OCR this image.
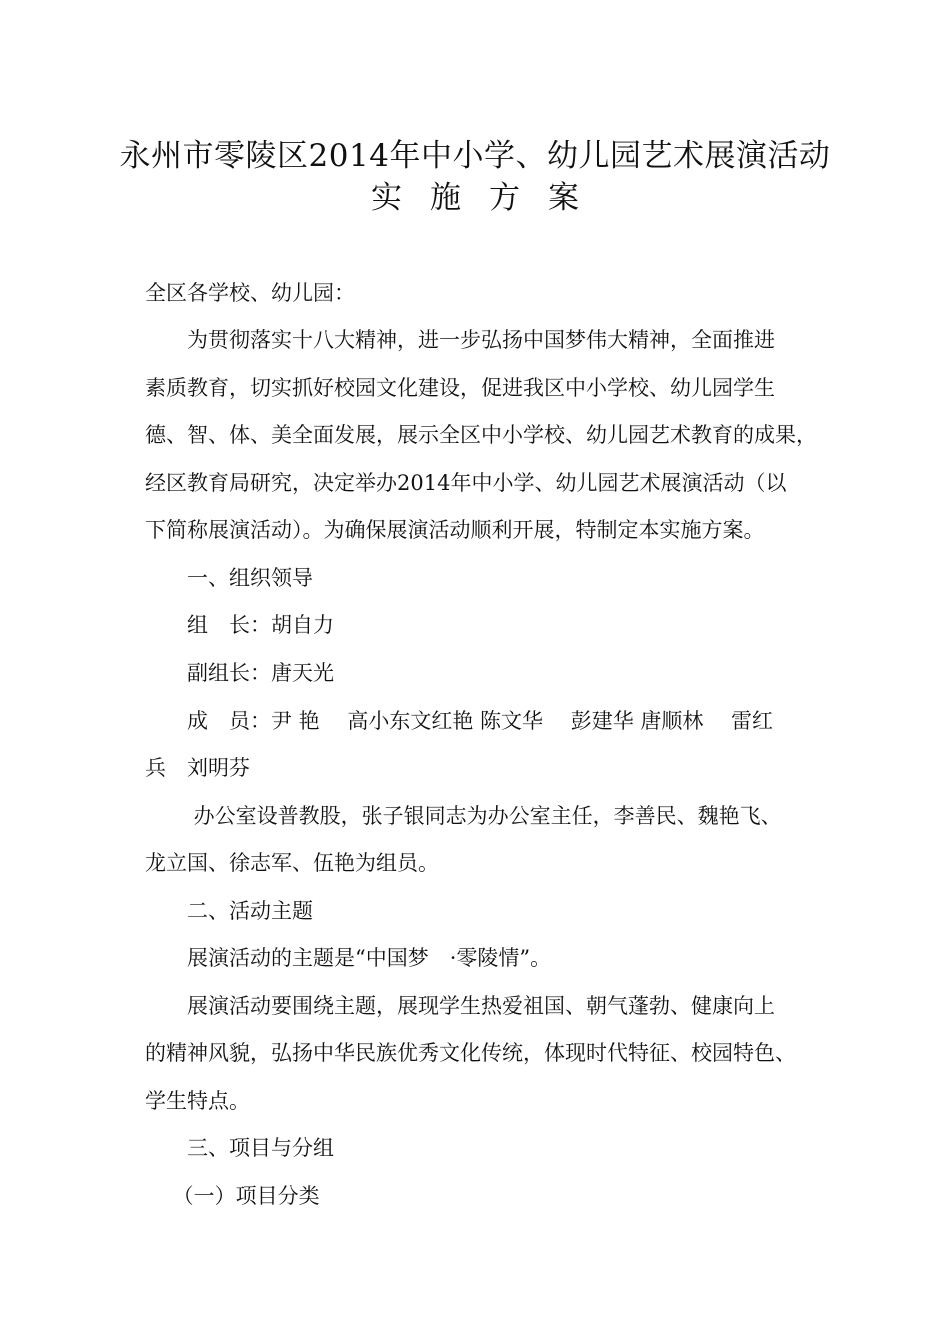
永州市零陵区2014年中小学、幼儿园艺术展演活动
实 施 方 案
全区各学校、幼儿园：
　　为贯彻落实十八大精神，进一步弘扬中国梦伟大精神，全面推进
素质教育，切实抓好校园文化建设，促进我区中小学校、幼儿园学生
德、智、体、美全面发展，展示全区中小学校、幼儿园艺术教育的成果，
经区教育局研究，决定举办2014年中小学、幼儿园艺术展演活动（以
下简称展演活动）。为确保展演活动顺利开展，特制定本实施方案。
　　一、组织领导
　　组　长：胡自力
　　副组长：唐天光
　　成　员：尹 艳　 高小东文红艳 陈文华　 彭建华 唐顺林　 雷红
兵　刘明芬
　　 办公室设普教股，张子银同志为办公室主任，李善民、魏艳飞、
龙立国、徐志军、伍艳为组员。
　　二、活动主题
　　展演活动的主题是“中国梦　·零陵情”。
　　展演活动要围绕主题，展现学生热爱祖国、朝气蓬勃、健康向上
的精神风貌，弘扬中华民族优秀文化传统，体现时代特征、校园特色、
学生特点。
　　三、项目与分组
　 （一）项目分类
